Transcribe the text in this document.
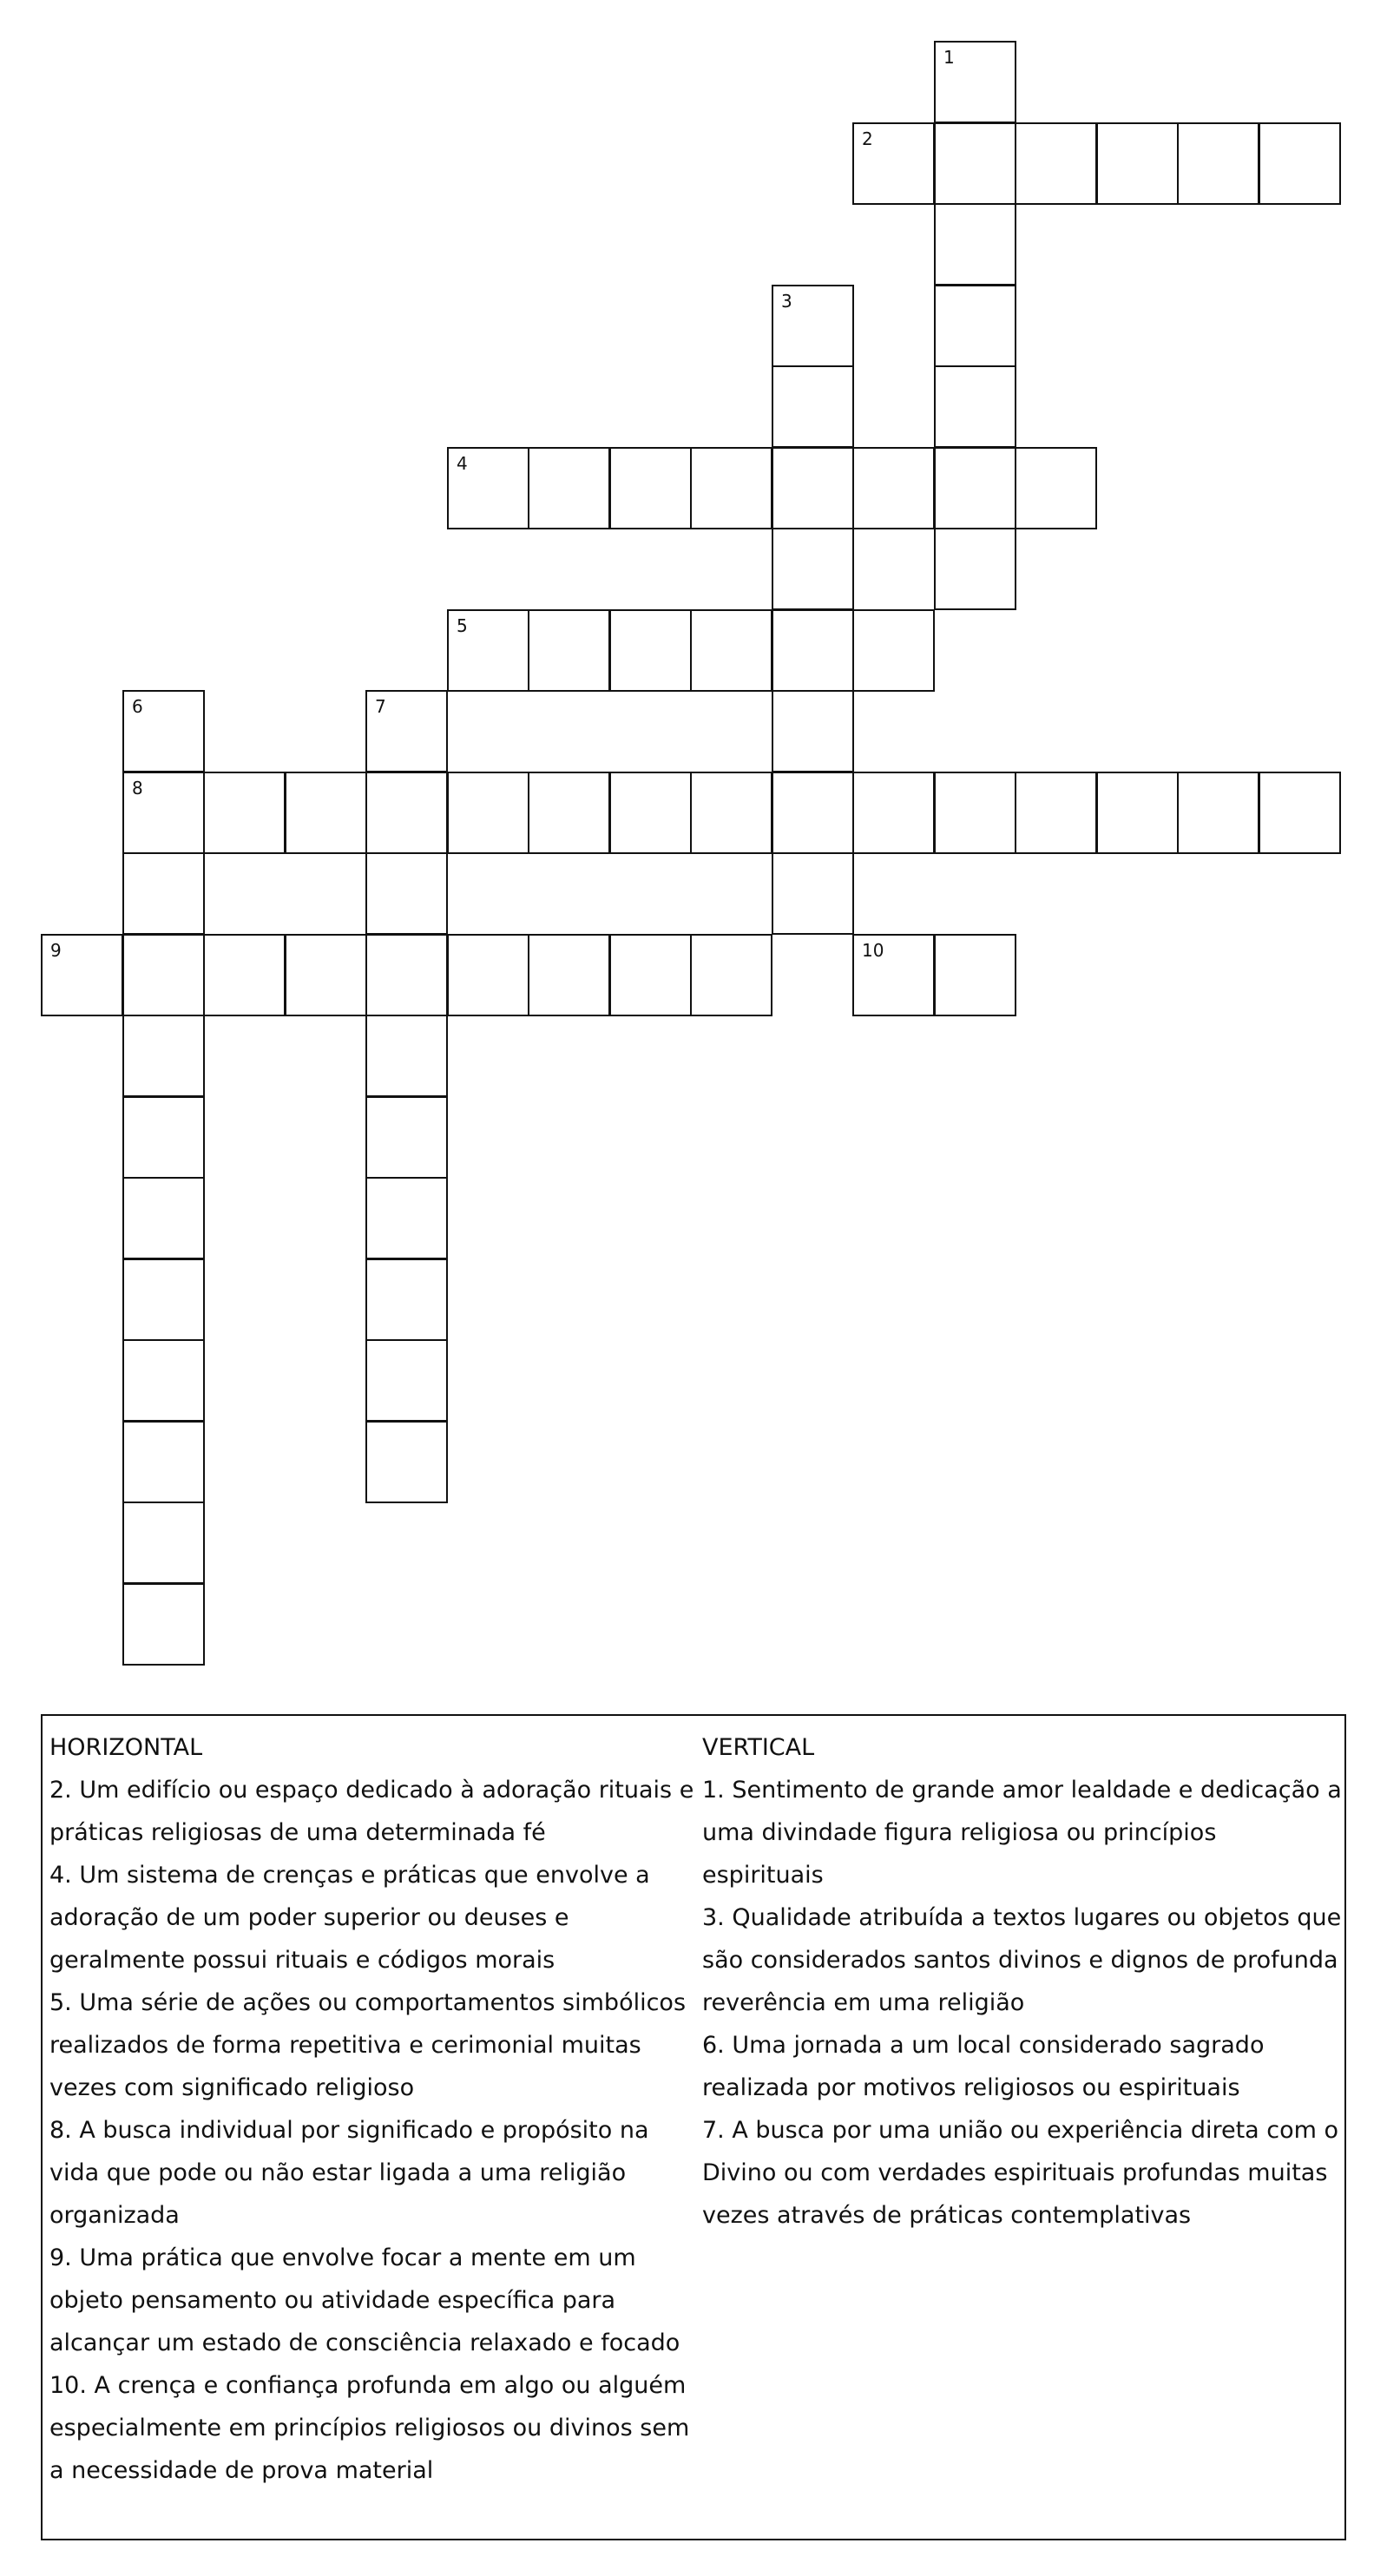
1
2
3
4
5
6
8
7
9	10
HORIZONTAL
2. Um edifício ou espaço dedicado à adoração rituais e práticas religiosas de uma determinada fé
4. Um sistema de crenças e práticas que envolve a adoração de um poder superior ou deuses e geralmente possui rituais e códigos morais
5. Uma série de ações ou comportamentos simbólicos realizados de forma repetitiva e cerimonial muitas vezes com significado religioso
8. A busca individual por significado e propósito na vida que pode ou não estar ligada a uma religião organizada
9. Uma prática que envolve focar a mente em um objeto pensamento ou atividade específica para alcançar um estado de consciência relaxado e focado
10. A crença e confiança profunda em algo ou alguém especialmente em princípios religiosos ou divinos sem a necessidade de prova material
VERTICAL
1. Sentimento de grande amor lealdade e dedicação a uma divindade figura religiosa ou princípios espirituais
3. Qualidade atribuída a textos lugares ou objetos que são considerados santos divinos e dignos de profunda reverência em uma religião
6. Uma jornada a um local considerado sagrado realizada por motivos religiosos ou espirituais
7. A busca por uma união ou experiência direta com o Divino ou com verdades espirituais profundas muitas vezes através de práticas contemplativas
